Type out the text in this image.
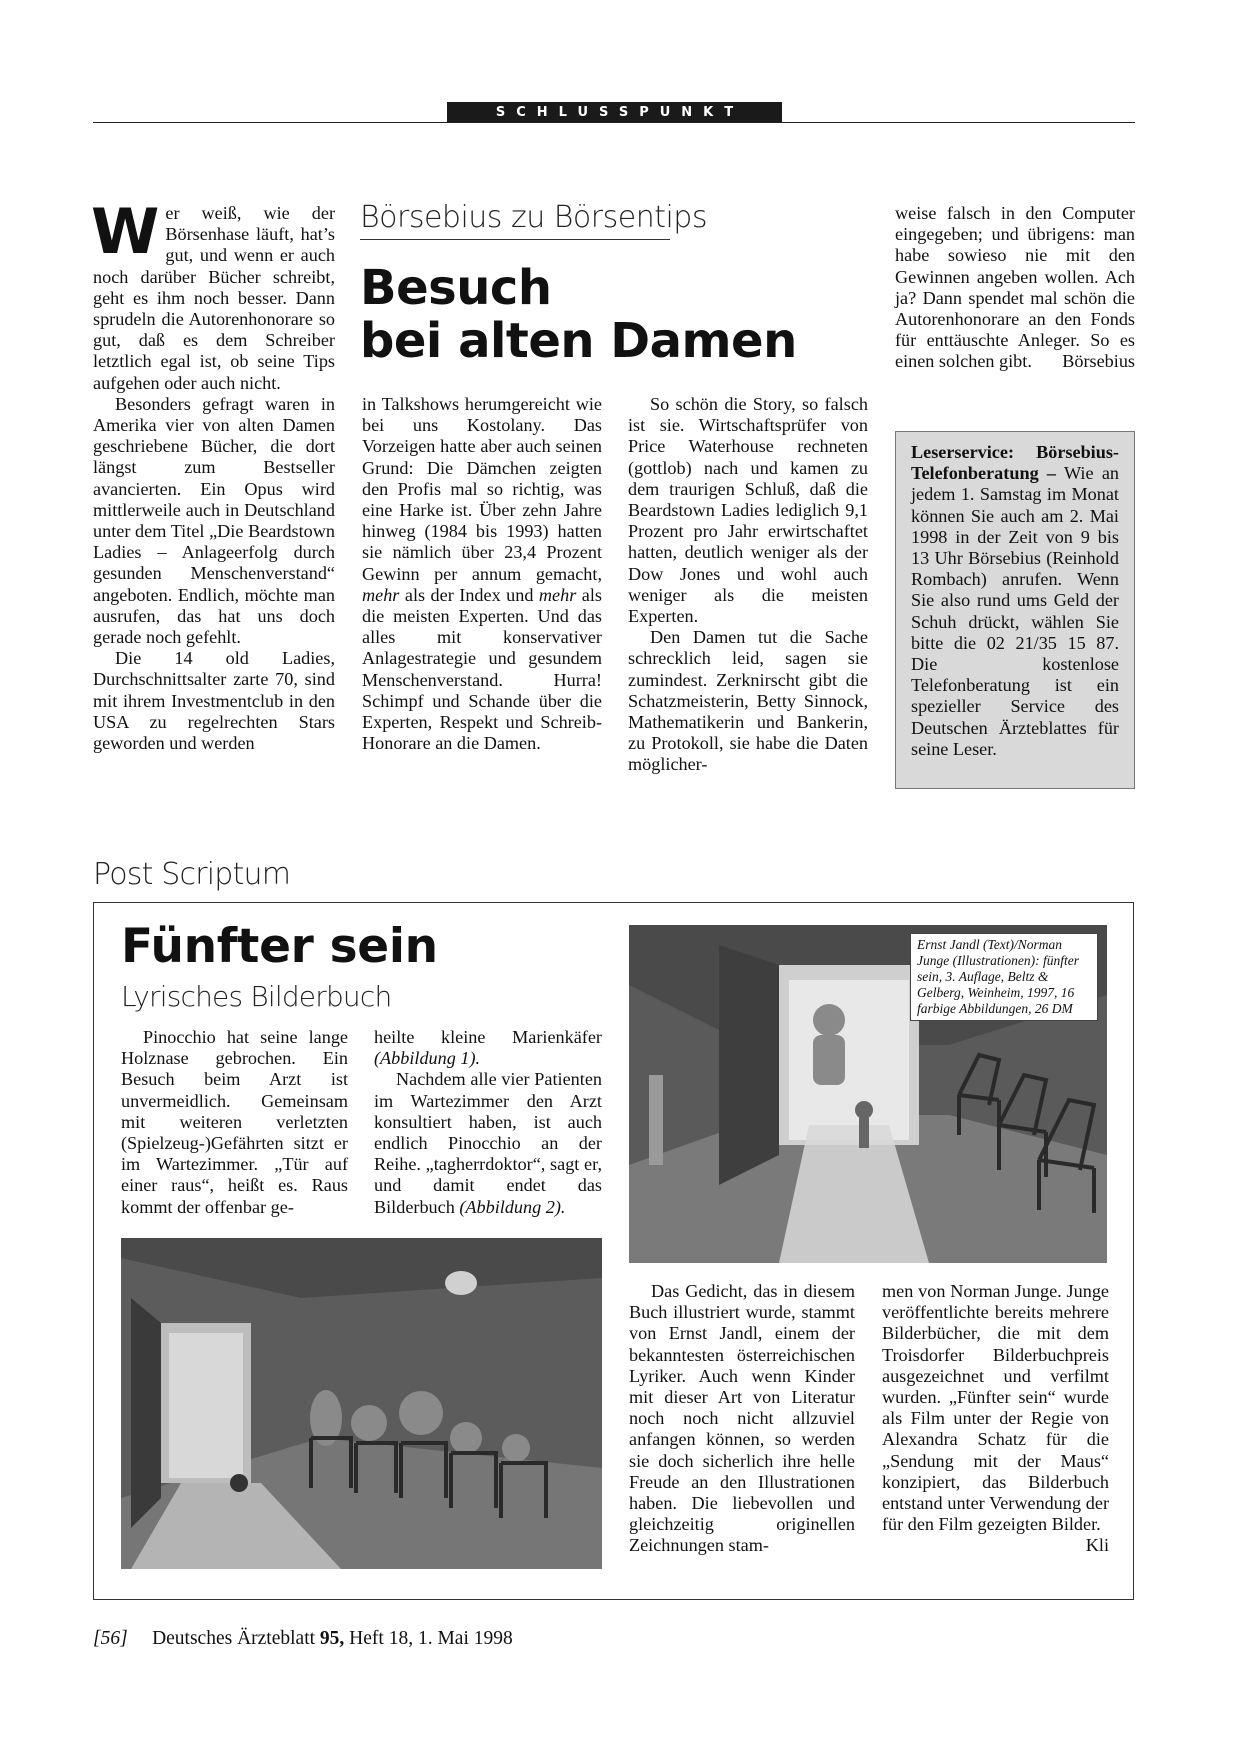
SCHLUSSPUNKT

Wer weiß, wie der Börsenhase läuft, hat’s gut, und wenn er auch noch darüber Bücher schreibt, geht es ihm noch besser. Dann sprudeln die Autorenhonorare so gut, daß es dem Schreiber letztlich egal ist, ob seine Tips aufgehen oder auch nicht.

Besonders gefragt waren in Amerika vier von alten Damen geschriebene Bücher, die dort längst zum Bestseller avancierten. Ein Opus wird mittlerweile auch in Deutschland unter dem Titel „Die Beardstown Ladies – Anlageerfolg durch gesunden Menschenverstand“ angeboten. Endlich, möchte man ausrufen, das hat uns doch gerade noch gefehlt.

Die 14 old Ladies, Durchschnittsalter zarte 70, sind mit ihrem Investmentclub in den USA zu regelrechten Stars geworden und werden

Börsebius zu Börsentips
Besuch
bei alten Damen

in Talkshows herumgereicht wie bei uns Kostolany. Das Vorzeigen hatte aber auch seinen Grund: Die Dämchen zeigten den Profis mal so richtig, was eine Harke ist. Über zehn Jahre hinweg (1984 bis 1993) hatten sie nämlich über 23,4 Prozent Gewinn per annum gemacht, mehr als der Index und mehr als die meisten Experten. Und das alles mit konservativer Anlagestrategie und gesundem Menschenverstand. Hurra! Schimpf und Schande über die Experten, Respekt und Schreib-Honorare an die Damen.

So schön die Story, so falsch ist sie. Wirtschaftsprüfer von Price Waterhouse rechneten (gottlob) nach und kamen zu dem traurigen Schluß, daß die Beardstown Ladies lediglich 9,1 Prozent pro Jahr erwirtschaftet hatten, deutlich weniger als der Dow Jones und wohl auch weniger als die meisten Experten.

Den Damen tut die Sache schrecklich leid, sagen sie zumindest. Zerknirscht gibt die Schatzmeisterin, Betty Sinnock, Mathematikerin und Bankerin, zu Protokoll, sie habe die Daten möglicher-

weise falsch in den Computer eingegeben; und übrigens: man habe sowieso nie mit den Gewinnen angeben wollen. Ach ja? Dann spendet mal schön die Autorenhonorare an den Fonds für enttäuschte Anleger. So es einen solchen gibt. Börsebius

Leserservice: Börsebius-Telefonberatung – Wie an jedem 1. Samstag im Monat können Sie auch am 2. Mai 1998 in der Zeit von 9 bis 13 Uhr Börsebius (Reinhold Rombach) anrufen. Wenn Sie also rund ums Geld der Schuh drückt, wählen Sie bitte die 02 21/35 15 87. Die kostenlose Telefonberatung ist ein spezieller Service des Deutschen Ärzteblattes für seine Leser.

Post Scriptum
Fünfter sein
Lyrisches Bilderbuch

Pinocchio hat seine lange Holznase gebrochen. Ein Besuch beim Arzt ist unvermeidlich. Gemeinsam mit weiteren verletzten (Spielzeug-)Gefährten sitzt er im Wartezimmer. „Tür auf einer raus“, heißt es. Raus kommt der offenbar ge-

heilte kleine Marienkäfer (Abbildung 1).

Nachdem alle vier Patienten im Wartezimmer den Arzt konsultiert haben, ist auch endlich Pinocchio an der Reihe. „tagherrdoktor“, sagt er, und damit endet das Bilderbuch (Abbildung 2).

Ernst Jandl (Text)/Norman Junge (Illustrationen): fünfter sein, 3. Auflage, Beltz & Gelberg, Weinheim, 1997, 16 farbige Abbildungen, 26 DM

Das Gedicht, das in diesem Buch illustriert wurde, stammt von Ernst Jandl, einem der bekanntesten österreichischen Lyriker. Auch wenn Kinder mit dieser Art von Literatur noch noch nicht allzuviel anfangen können, so werden sie doch sicherlich ihre helle Freude an den Illustrationen haben. Die liebevollen und gleichzeitig originellen Zeichnungen stam-

men von Norman Junge. Junge veröffentlichte bereits mehrere Bilderbücher, die mit dem Troisdorfer Bilderbuchpreis ausgezeichnet und verfilmt wurden. „Fünfter sein“ wurde als Film unter der Regie von Alexandra Schatz für die „Sendung mit der Maus“ konzipiert, das Bilderbuch entstand unter Verwendung der für den Film gezeigten Bilder.
Kli

[56] Deutsches Ärzteblatt 95, Heft 18, 1. Mai 1998
